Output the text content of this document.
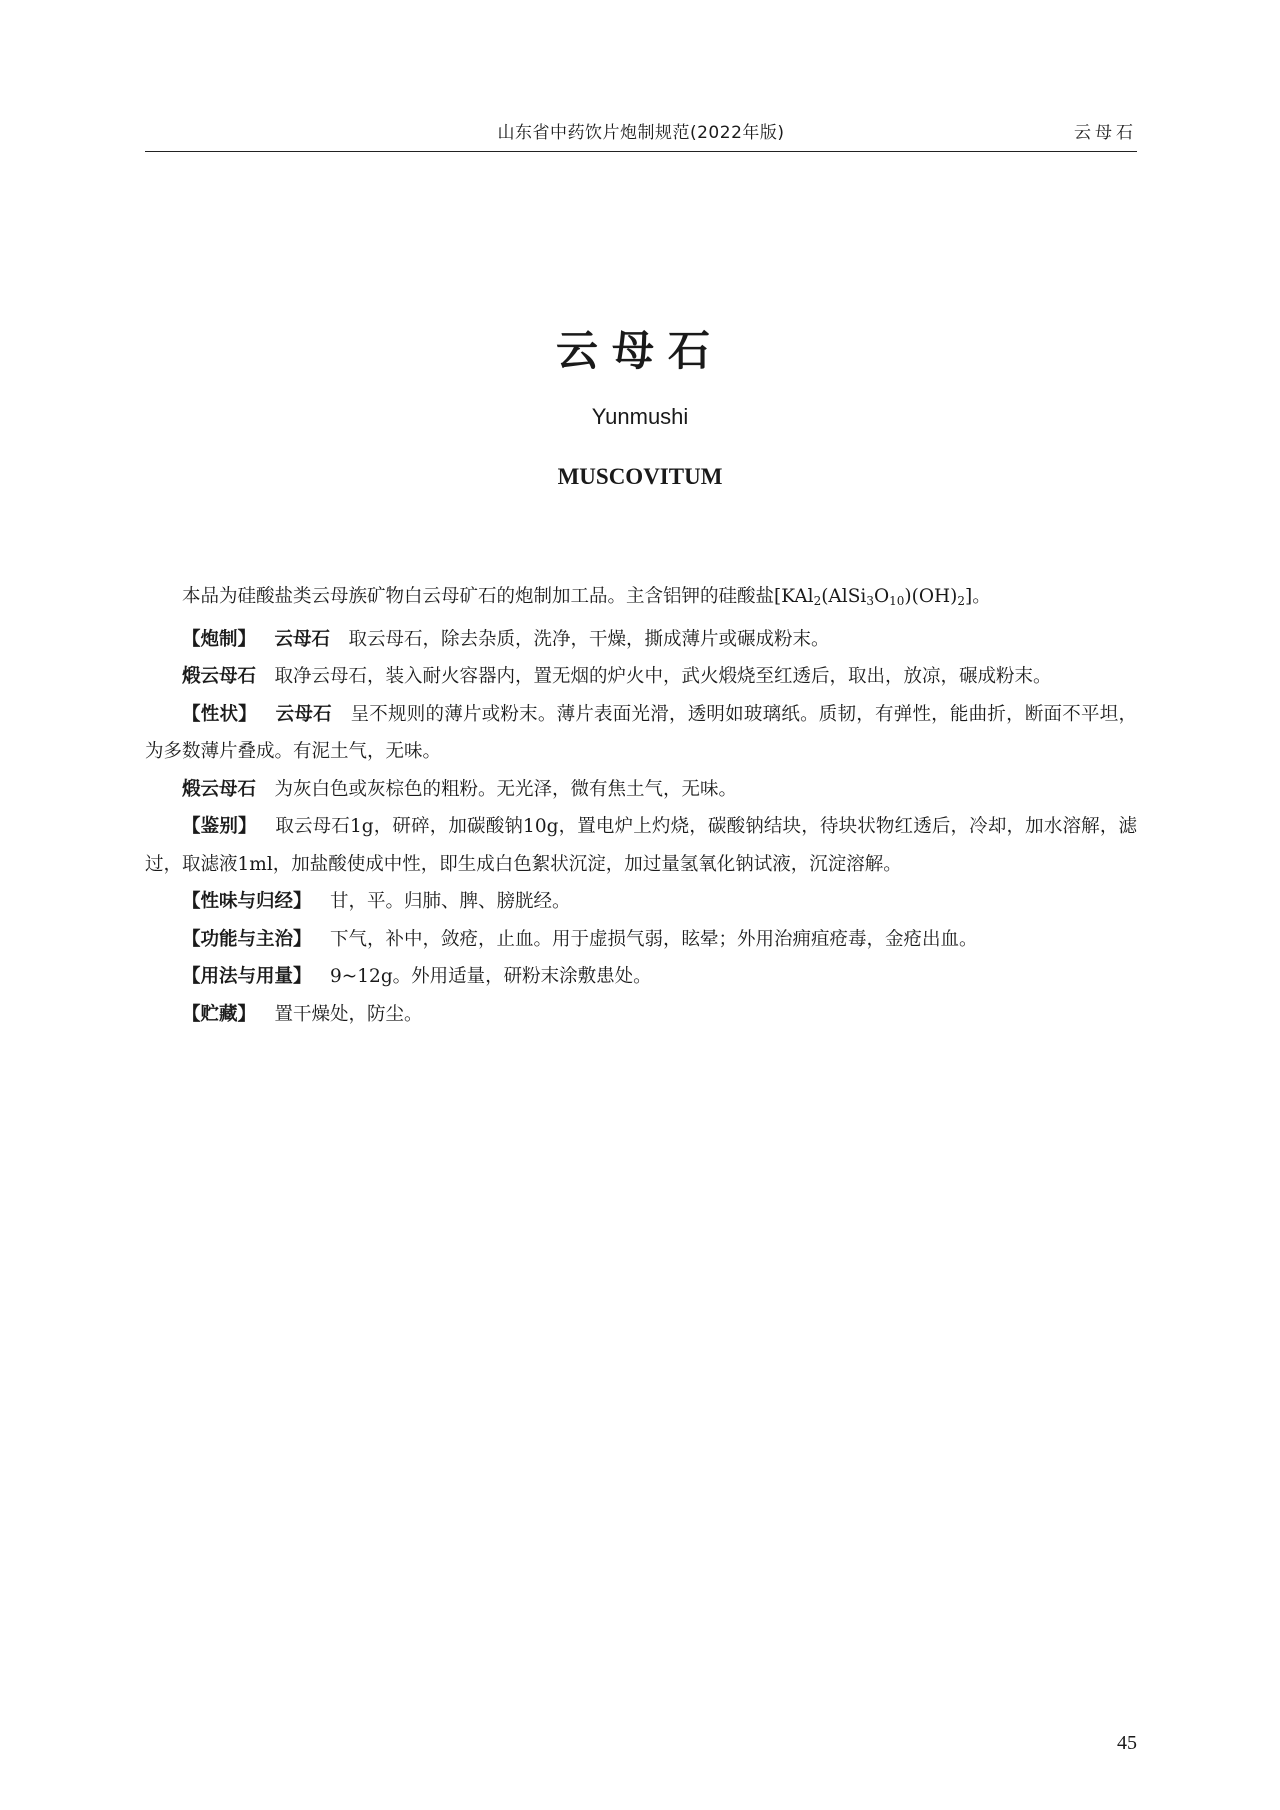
山东省中药饮片炮制规范(2022年版)	云母石
云母石
Yunmushi
MUSCOVITUM

本品为硅酸盐类云母族矿物白云母矿石的炮制加工品。主含铝钾的硅酸盐$[KAl_2(AlSi_3O_{10})(OH)_2]$。

【炮制】 云母石 取云母石，除去杂质，洗净，干燥，撕成薄片或碾成粉末。

煅云母石 取净云母石，装入耐火容器内，置无烟的炉火中，武火煅烧至红透后，取出，放凉，碾成粉末。

【性状】 云母石 呈不规则的薄片或粉末。薄片表面光滑，透明如玻璃纸。质韧，有弹性，能曲折，断面不平坦，为多数薄片叠成。有泥土气，无味。

煅云母石 为灰白色或灰棕色的粗粉。无光泽，微有焦土气，无味。

【鉴别】 取云母石1g，研碎，加碳酸钠10g，置电炉上灼烧，碳酸钠结块，待块状物红透后，冷却，加水溶解，滤过，取滤液1ml，加盐酸使成中性，即生成白色絮状沉淀，加过量氢氧化钠试液，沉淀溶解。

【性味与归经】 甘，平。归肺、脾、膀胱经。

【功能与主治】 下气，补中，敛疮，止血。用于虚损气弱，眩晕；外用治痈疽疮毒，金疮出血。

【用法与用量】 9~12g。外用适量，研粉末涂敷患处。

【贮藏】 置干燥处，防尘。

45
